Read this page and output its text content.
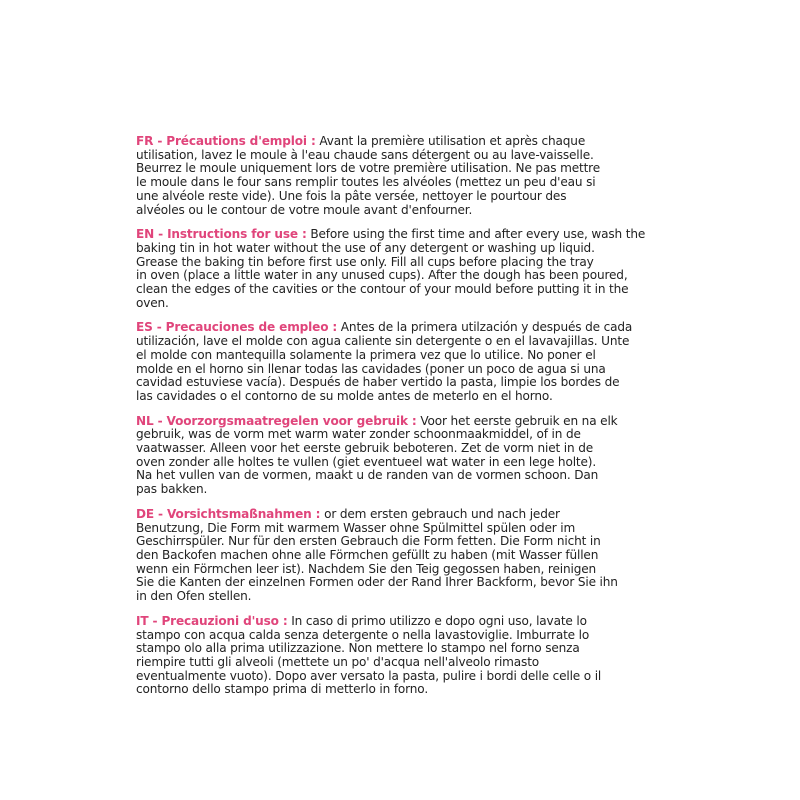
FR - Précautions d'emploi : Avant la première utilisation et après chaque
utilisation, lavez le moule à l'eau chaude sans détergent ou au lave-vaisselle.
Beurrez le moule uniquement lors de votre première utilisation. Ne pas mettre
le moule dans le four sans remplir toutes les alvéoles (mettez un peu d'eau si
une alvéole reste vide). Une fois la pâte versée, nettoyer le pourtour des
alvéoles ou le contour de votre moule avant d'enfourner.
EN - Instructions for use : Before using the first time and after every use, wash the
baking tin in hot water without the use of any detergent or washing up liquid.
Grease the baking tin before first use only. Fill all cups before placing the tray
in oven (place a little water in any unused cups). After the dough has been poured,
clean the edges of the cavities or the contour of your mould before putting it in the
oven.
ES - Precauciones de empleo : Antes de la primera utilzación y después de cada
utilización, lave el molde con agua caliente sin detergente o en el lavavajillas. Unte
el molde con mantequilla solamente la primera vez que lo utilice. No poner el
molde en el horno sin llenar todas las cavidades (poner un poco de agua si una
cavidad estuviese vacía). Después de haber vertido la pasta, limpie los bordes de
las cavidades o el contorno de su molde antes de meterlo en el horno.
NL - Voorzorgsmaatregelen voor gebruik : Voor het eerste gebruik en na elk
gebruik, was de vorm met warm water zonder schoonmaakmiddel, of in de
vaatwasser. Alleen voor het eerste gebruik beboteren. Zet de vorm niet in de
oven zonder alle holtes te vullen (giet eventueel wat water in een lege holte).
Na het vullen van de vormen, maakt u de randen van de vormen schoon. Dan
pas bakken.
DE - Vorsichtsmaßnahmen : or dem ersten gebrauch und nach jeder
Benutzung, Die Form mit warmem Wasser ohne Spülmittel spülen oder im
Geschirrspüler. Nur für den ersten Gebrauch die Form fetten. Die Form nicht in
den Backofen machen ohne alle Förmchen gefüllt zu haben (mit Wasser füllen
wenn ein Förmchen leer ist). Nachdem Sie den Teig gegossen haben, reinigen
Sie die Kanten der einzelnen Formen oder der Rand Ihrer Backform, bevor Sie ihn
in den Ofen stellen.
IT - Precauzioni d'uso : In caso di primo utilizzo e dopo ogni uso, lavate lo
stampo con acqua calda senza detergente o nella lavastoviglie. Imburrate lo
stampo olo alla prima utilizzazione. Non mettere lo stampo nel forno senza
riempire tutti gli alveoli (mettete un po' d'acqua nell'alveolo rimasto
eventualmente vuoto). Dopo aver versato la pasta, pulire i bordi delle celle o il
contorno dello stampo prima di metterlo in forno.
